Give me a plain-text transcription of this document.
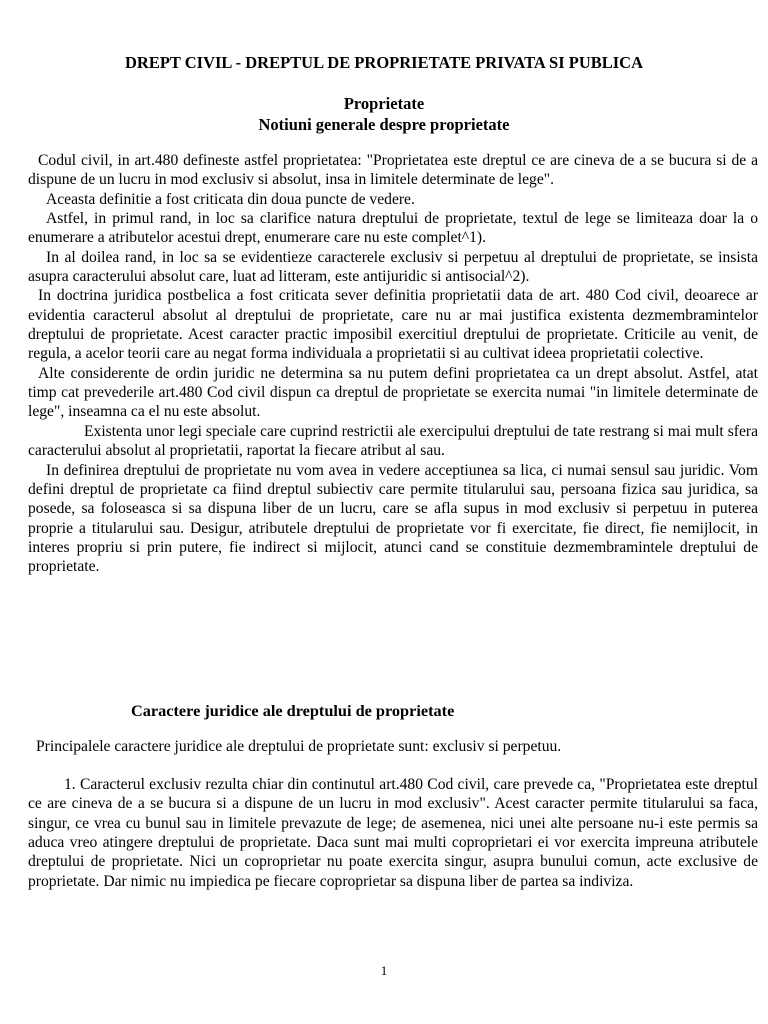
DREPT CIVIL - DREPTUL DE PROPRIETATE PRIVATA SI PUBLICA
Proprietate
Notiuni generale despre proprietate

Codul civil, in art.480 defineste astfel proprietatea: "Proprietatea este dreptul ce are cineva de a se bucura si de a dispune de un lucru in mod exclusiv si absolut, insa in limitele determinate de lege".

Aceasta definitie a fost criticata din doua puncte de vedere.

Astfel, in primul rand, in loc sa clarifice natura dreptului de proprietate, textul de lege se limiteaza doar la o enumerare a atributelor acestui drept, enumerare care nu este complet^1).

In al doilea rand, in loc sa se evidentieze caracterele exclusiv si perpetuu al dreptului de proprietate, se insista asupra caracterului absolut care, luat ad litteram, este antijuridic si antisocial^2).

In doctrina juridica postbelica a fost criticata sever definitia proprietatii data de art. 480 Cod civil, deoarece ar evidentia caracterul absolut al dreptului de proprietate, care nu ar mai justifica existenta dezmembramintelor dreptului de proprietate. Acest caracter practic imposibil exercitiul dreptului de proprietate. Criticile au venit, de regula, a acelor teorii care au negat forma individuala a proprietatii si au cultivat ideea proprietatii colective.

Alte considerente de ordin juridic ne determina sa nu putem defini proprietatea ca un drept absolut. Astfel, atat timp cat prevederile art.480 Cod civil dispun ca dreptul de proprietate se exercita numai "in limitele determinate de lege", inseamna ca el nu este absolut.

Existenta unor legi speciale care cuprind restrictii ale exercipului dreptului de tate restrang si mai mult sfera caracterului absolut al proprietatii, raportat la fiecare atribut al sau.

In definirea dreptului de proprietate nu vom avea in vedere acceptiunea sa lica, ci numai sensul sau juridic. Vom defini dreptul de proprietate ca fiind dreptul subiectiv care permite titularului sau, persoana fizica sau juridica, sa posede, sa foloseasca si sa dispuna liber de un lucru, care se afla supus in mod exclusiv si perpetuu in puterea proprie a titularului sau. Desigur, atributele dreptului de proprietate vor fi exercitate, fie direct, fie nemijlocit, in interes propriu si prin putere, fie indirect si mijlocit, atunci cand se constituie dezmembramintele dreptului de proprietate.

Caractere juridice ale dreptului de proprietate
Principalele caractere juridice ale dreptului de proprietate sunt: exclusiv si perpetuu.

1. Caracterul exclusiv rezulta chiar din continutul art.480 Cod civil, care prevede ca, "Proprietatea este dreptul ce are cineva de a se bucura si a dispune de un lucru in mod exclusiv". Acest caracter permite titularului sa faca, singur, ce vrea cu bunul sau in limitele prevazute de lege; de asemenea, nici unei alte persoane nu-i este permis sa aduca vreo atingere dreptului de proprietate. Daca sunt mai multi coproprietari ei vor exercita impreuna atributele dreptului de proprietate. Nici un coproprietar nu poate exercita singur, asupra bunului comun, acte exclusive de proprietate. Dar nimic nu impiedica pe fiecare coproprietar sa dispuna liber de partea sa indiviza.

1
